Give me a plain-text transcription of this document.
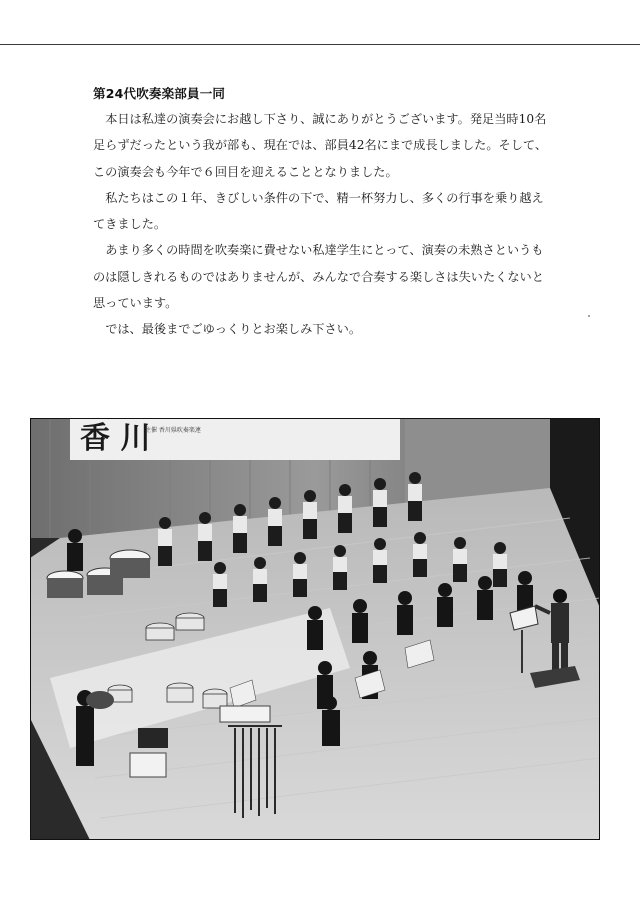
第24代吹奏楽部員一同

本日は私達の演奏会にお越し下さり、誠にありがとうございます。発足当時10名足らずだったという我が部も、現在では、部員42名にまで成長しました。そして、この演奏会も今年で６回目を迎えることとなりました。

私たちはこの１年、きびしい条件の下で、精一杯努力し、多くの行事を乗り越えてきました。

あまり多くの時間を吹奏楽に費せない私達学生にとって、演奏の未熟さというものは隠しきれるものではありませんが、みんなで合奏する楽しさは失いたくないと思っています。

では、最後までごゆっくりとお楽しみ下さい。

香 川
主催 香川県吹奏楽連
